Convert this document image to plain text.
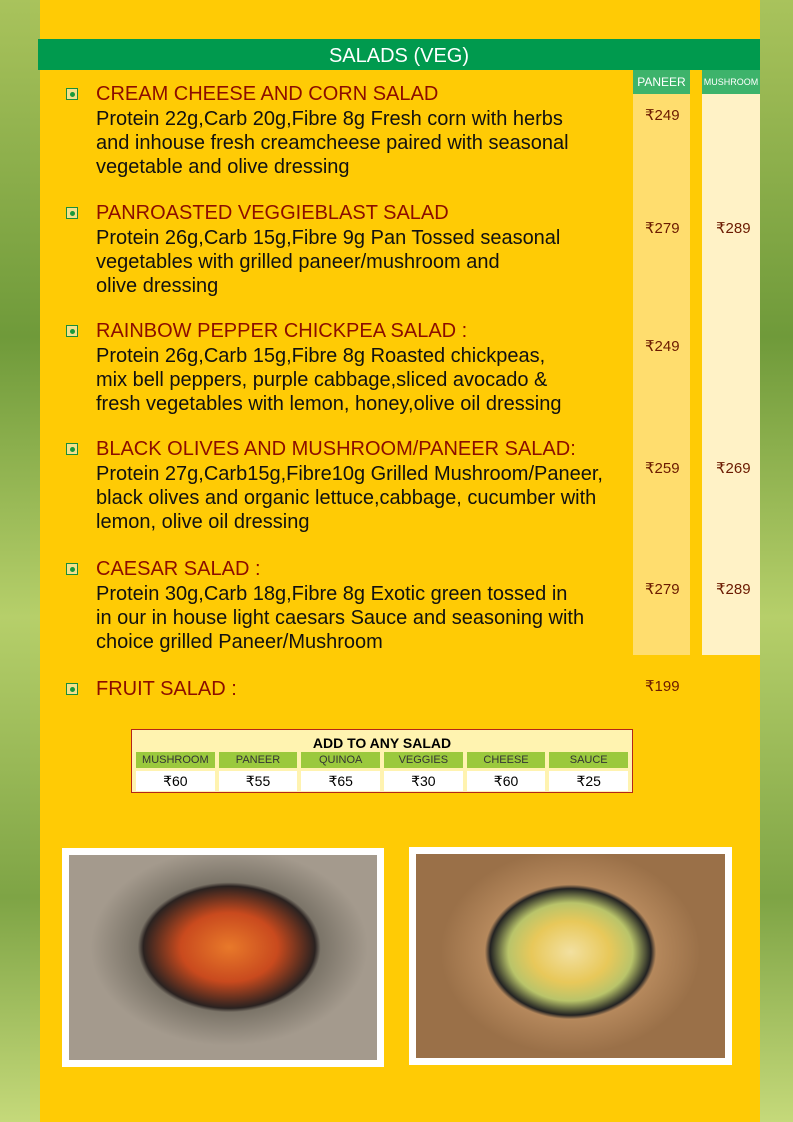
SALADS (VEG)
PANEER	MUSHROOM
CREAM CHEESE AND CORN SALAD
Protein 22g,Carb 20g,Fibre 8g Fresh corn with herbs
and inhouse fresh creamcheese paired with seasonal
vegetable and olive dressing
₹249
PANROASTED VEGGIEBLAST SALAD
Protein 26g,Carb 15g,Fibre 9g Pan Tossed seasonal
vegetables with grilled paneer/mushroom and
olive dressing
₹279 ₹289
RAINBOW PEPPER CHICKPEA SALAD :
Protein 26g,Carb 15g,Fibre 8g Roasted chickpeas,
mix bell peppers, purple cabbage,sliced avocado &
fresh vegetables with lemon, honey,olive oil dressing
₹249
BLACK OLIVES AND MUSHROOM/PANEER SALAD:
Protein 27g,Carb15g,Fibre10g Grilled Mushroom/Paneer,
black olives and organic lettuce,cabbage, cucumber with
lemon, olive oil dressing
₹259 ₹269
CAESAR SALAD :
Protein 30g,Carb 18g,Fibre 8g Exotic green tossed in
in our in house light caesars Sauce and seasoning with
choice grilled Paneer/Mushroom
₹279 ₹289
FRUIT SALAD :	₹199
ADD TO ANY SALAD
MUSHROOM	PANEER	QUINOA	VEGGIES	CHEESE	SAUCE
₹60	₹55	₹65	₹30	₹60	₹25
